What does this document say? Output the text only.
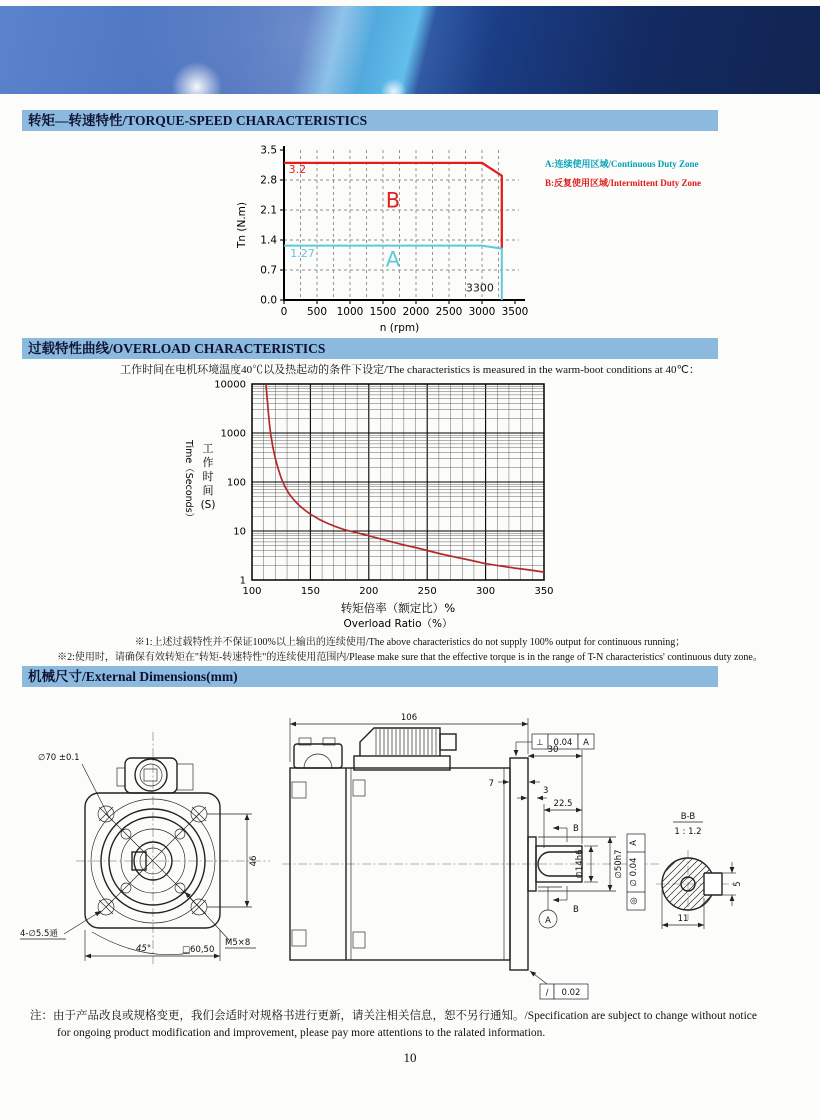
转矩—转速特性/TORQUE-SPEED CHARACTERISTICS
0 500 1000 1500 2000 2500 3000 3500
0.0
0.7
1.4
2.1
2.8
3.5
3.2
1.27
B
A
3300
n (rpm)
Tn (N.m)
A:连续使用区域/Continuous Duty Zone
B:反复使用区域/Intermittent Duty Zone
过载特性曲线/OVERLOAD CHARACTERISTICS
工作时间在电机环境温度40℃以及热起动的条件下设定/The characteristics is measured in the warm-boot conditions at 40℃：
100	150	200	250	300	350
1
10
100
1000
10000
转矩倍率（额定比）%
Overload Ratio（%）
Time（Seconds） 工
作
时
间
(S)
※1:上述过载特性并不保证100%以上输出的连续使用/The above characteristics do not supply 100% output for continuous running；
※2:使用时，请确保有效转矩在"转矩-转速特性"的连续使用范围内/Please make sure that the effective torque is in the range of T-N characteristics' continuous duty zone。
机械尺寸/External Dimensions(mm)
∅70 ±0.1
46
4-∅5.5通
45°	□60,50
M5×8
106
⊥ 0.04 A
30
7
3
22.5
B
B
∅14h6	∅50h7
A
∅ 0.04
◎
∕ 0.02
A
B-B
1 : 1.2
5
11
注：由于产品改良或规格变更，我们会适时对规格书进行更新，请关注相关信息，恕不另行通知。/Specification are subject to change without notice
for ongoing product modification and improvement, please pay more attentions to the ralated information.
10
